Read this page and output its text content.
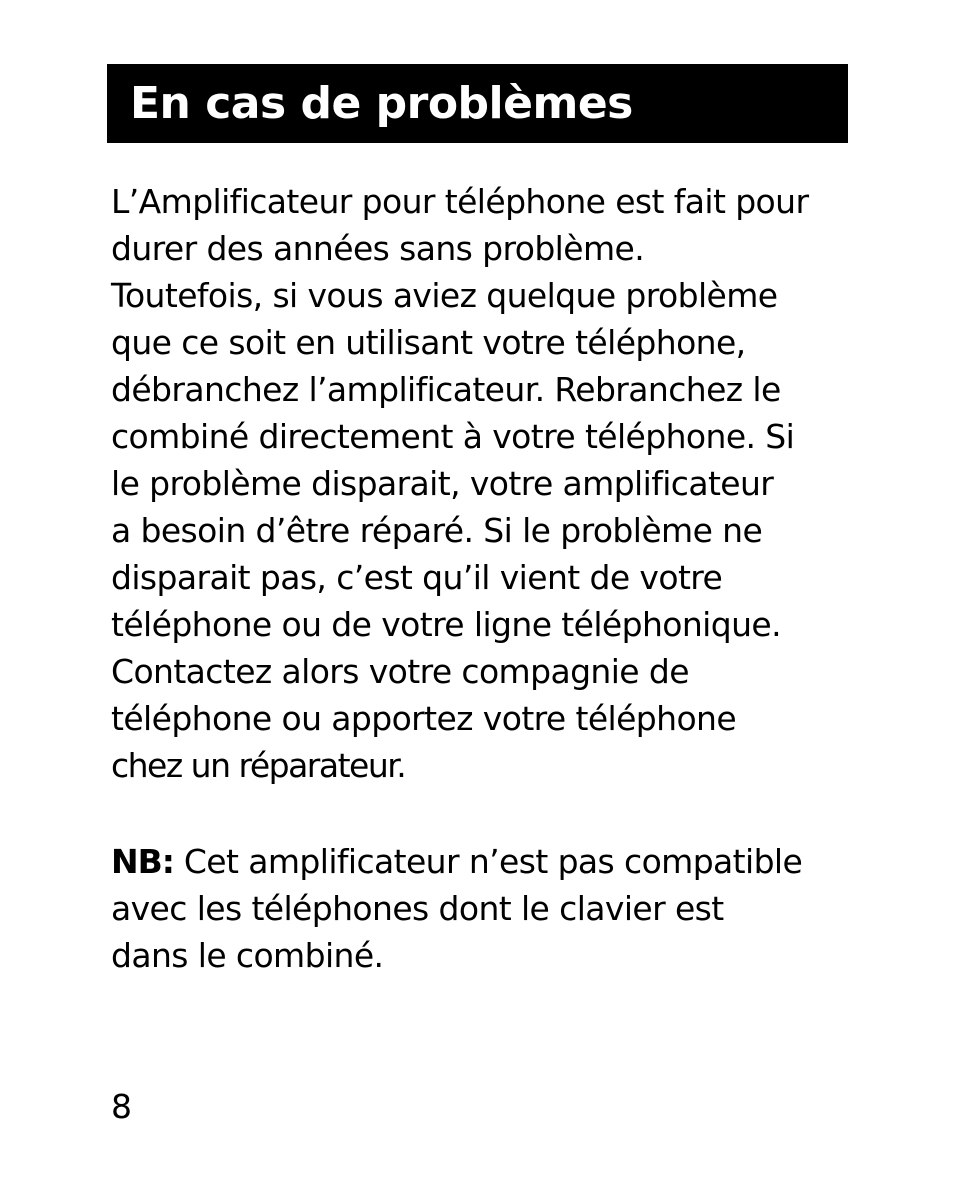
En cas de problèmes
L’Amplificateur pour téléphone est fait pour
durer des années sans problème.
Toutefois, si vous aviez quelque problème
que ce soit en utilisant votre téléphone,
débranchez l’amplificateur. Rebranchez le
combiné directement à votre téléphone. Si
le problème disparait, votre amplificateur
a besoin d’être réparé. Si le problème ne
disparait pas, c’est qu’il vient de votre
téléphone ou de votre ligne téléphonique.
Contactez alors votre compagnie de
téléphone ou apportez votre téléphone
chez un réparateur.
NB: Cet amplificateur n’est pas compatible
avec les téléphones dont le clavier est
dans le combiné.
8
